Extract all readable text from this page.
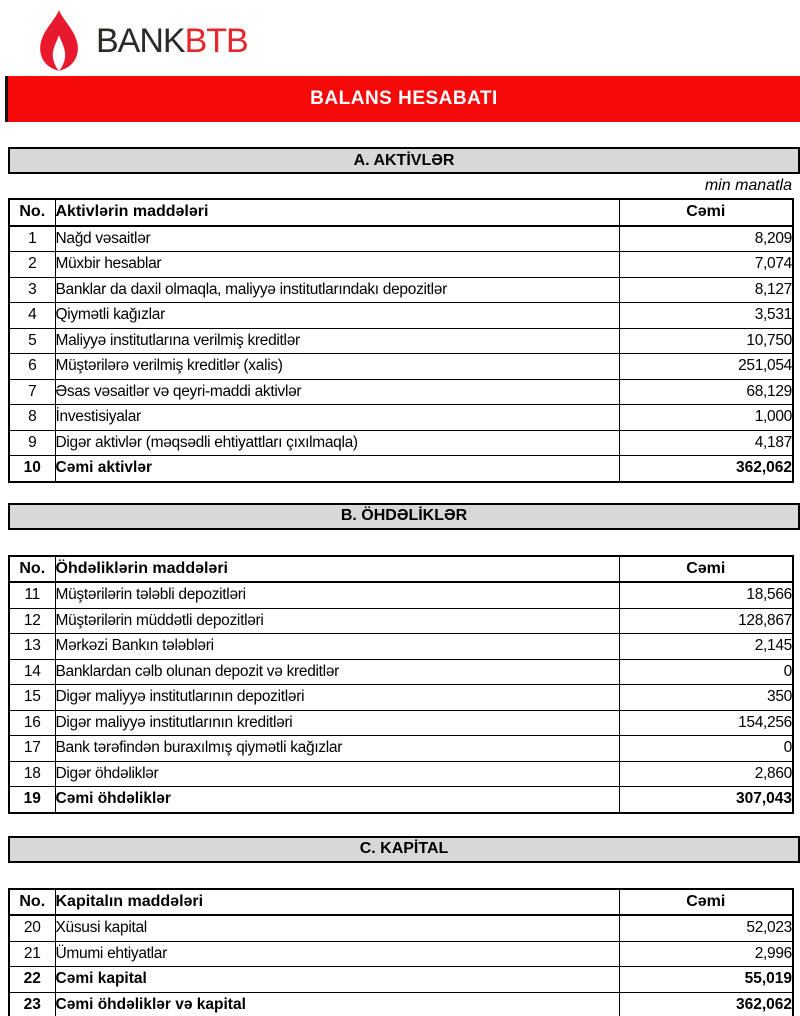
BANK BTB
BALANS HESABATI
A. AKTİVLƏR
min manatla
No.	Aktivlərin maddələri	Cəmi
1	Nağd vəsaitlər	8,209
2	Müxbir hesablar	7,074
3	Banklar da daxil olmaqla, maliyyə institutlarındakı depozitlər	8,127
4	Qiymətli kağızlar	3,531
5	Maliyyə institutlarına verilmiş kreditlər	10,750
6	Müştərilərə verilmiş kreditlər (xalis)	251,054
7	Əsas vəsaitlər və qeyri-maddi aktivlər	68,129
8	İnvestisiyalar	1,000
9	Digər aktivlər (məqsədli ehtiyattları çıxılmaqla)	4,187
10	Cəmi aktivlər	362,062
B. ÖHDƏLİKLƏR
No.	Öhdəliklərin maddələri	Cəmi
11	Müştərilərin tələbli depozitləri	18,566
12	Müştərilərin müddətli depozitləri	128,867
13	Mərkəzi Bankın tələbləri	2,145
14	Banklardan cəlb olunan depozit və kreditlər	0
15	Digər maliyyə institutlarının depozitləri	350
16	Digər maliyyə institutlarının kreditləri	154,256
17	Bank tərəfindən buraxılmış qiymətli kağızlar	0
18	Digər öhdəliklər	2,860
19	Cəmi öhdəliklər	307,043
C. KAPİTAL
No.	Kapitalın maddələri	Cəmi
20	Xüsusi kapital	52,023
21	Ümumi ehtiyatlar	2,996
22	Cəmi kapital	55,019
23	Cəmi öhdəliklər və kapital	362,062
